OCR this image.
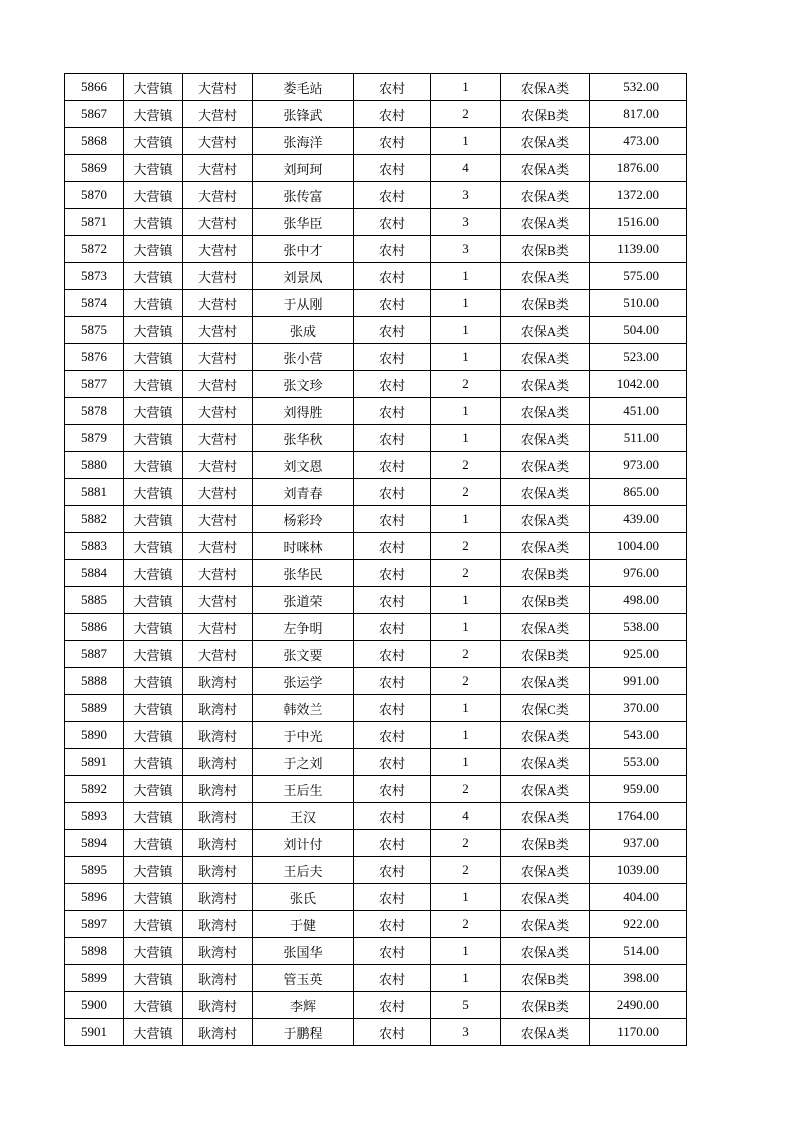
5866	大营镇	大营村	娄毛站	农村	1	农保A类	532.00
5867	大营镇	大营村	张锋武	农村	2	农保B类	817.00
5868	大营镇	大营村	张海洋	农村	1	农保A类	473.00
5869	大营镇	大营村	刘珂珂	农村	4	农保A类	1876.00
5870	大营镇	大营村	张传富	农村	3	农保A类	1372.00
5871	大营镇	大营村	张华臣	农村	3	农保A类	1516.00
5872	大营镇	大营村	张中才	农村	3	农保B类	1139.00
5873	大营镇	大营村	刘景凤	农村	1	农保A类	575.00
5874	大营镇	大营村	于从刚	农村	1	农保B类	510.00
5875	大营镇	大营村	张成	农村	1	农保A类	504.00
5876	大营镇	大营村	张小营	农村	1	农保A类	523.00
5877	大营镇	大营村	张文珍	农村	2	农保A类	1042.00
5878	大营镇	大营村	刘得胜	农村	1	农保A类	451.00
5879	大营镇	大营村	张华秋	农村	1	农保A类	511.00
5880	大营镇	大营村	刘文恩	农村	2	农保A类	973.00
5881	大营镇	大营村	刘青春	农村	2	农保A类	865.00
5882	大营镇	大营村	杨彩玲	农村	1	农保A类	439.00
5883	大营镇	大营村	时咪林	农村	2	农保A类	1004.00
5884	大营镇	大营村	张华民	农村	2	农保B类	976.00
5885	大营镇	大营村	张道荣	农村	1	农保B类	498.00
5886	大营镇	大营村	左争明	农村	1	农保A类	538.00
5887	大营镇	大营村	张文要	农村	2	农保B类	925.00
5888	大营镇	耿湾村	张运学	农村	2	农保A类	991.00
5889	大营镇	耿湾村	韩效兰	农村	1	农保C类	370.00
5890	大营镇	耿湾村	于中光	农村	1	农保A类	543.00
5891	大营镇	耿湾村	于之刘	农村	1	农保A类	553.00
5892	大营镇	耿湾村	王后生	农村	2	农保A类	959.00
5893	大营镇	耿湾村	王汉	农村	4	农保A类	1764.00
5894	大营镇	耿湾村	刘计付	农村	2	农保B类	937.00
5895	大营镇	耿湾村	王后夫	农村	2	农保A类	1039.00
5896	大营镇	耿湾村	张氏	农村	1	农保A类	404.00
5897	大营镇	耿湾村	于健	农村	2	农保A类	922.00
5898	大营镇	耿湾村	张国华	农村	1	农保A类	514.00
5899	大营镇	耿湾村	管玉英	农村	1	农保B类	398.00
5900	大营镇	耿湾村	李辉	农村	5	农保B类	2490.00
5901	大营镇	耿湾村	于鹏程	农村	3	农保A类	1170.00
